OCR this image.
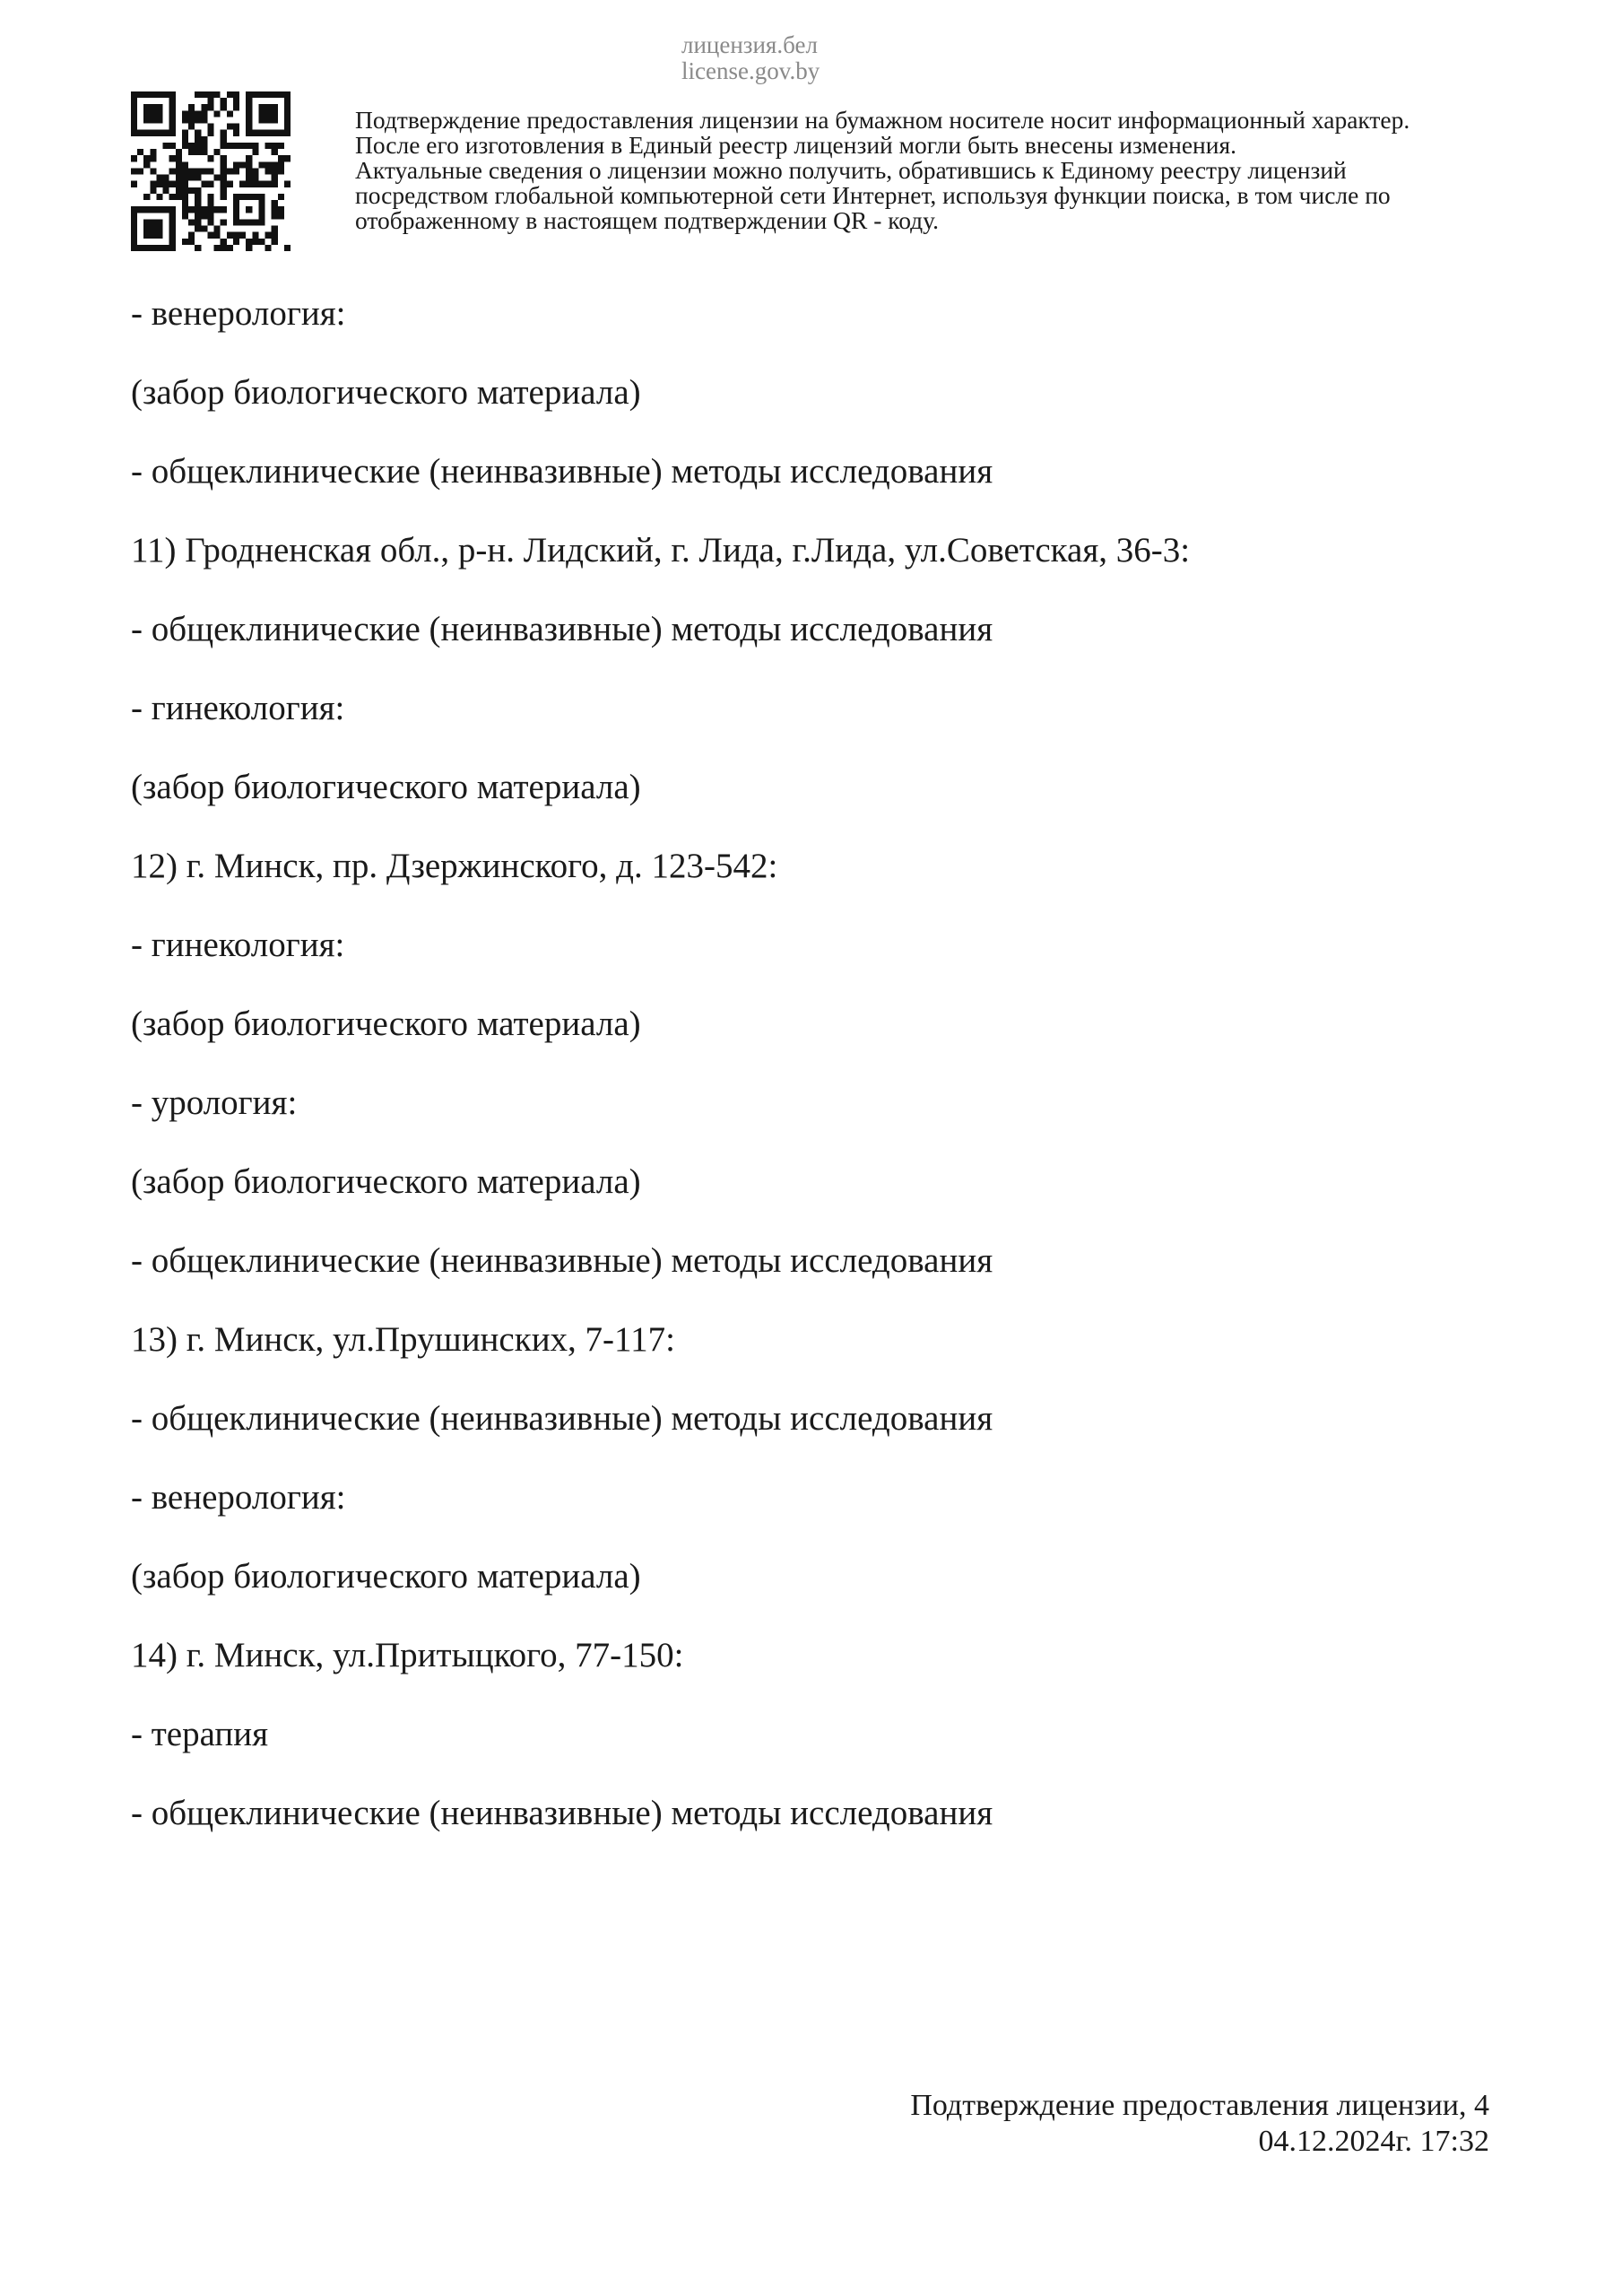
лицензия.бел
license.gov.by
Подтверждение предоставления лицензии на бумажном носителе носит информационный характер.
После его изготовления в Единый реестр лицензий могли быть внесены изменения.
Актуальные сведения о лицензии можно получить, обратившись к Единому реестру лицензий
посредством глобальной компьютерной сети Интернет, используя функции поиска, в том числе по
отображенному в настоящем подтверждении QR - коду.
- венерология:
(забор биологического материала)
- общеклинические (неинвазивные) методы исследования
11) Гродненская обл., р-н. Лидский, г. Лида, г.Лида, ул.Советская, 36-3:
- общеклинические (неинвазивные) методы исследования
- гинекология:
(забор биологического материала)
12) г. Минск, пр. Дзержинского, д. 123-542:
- гинекология:
(забор биологического материала)
- урология:
(забор биологического материала)
- общеклинические (неинвазивные) методы исследования
13) г. Минск, ул.Прушинских, 7-117:
- общеклинические (неинвазивные) методы исследования
- венерология:
(забор биологического материала)
14) г. Минск, ул.Притыцкого, 77-150:
- терапия
- общеклинические (неинвазивные) методы исследования
Подтверждение предоставления лицензии, 4
04.12.2024г. 17:32
